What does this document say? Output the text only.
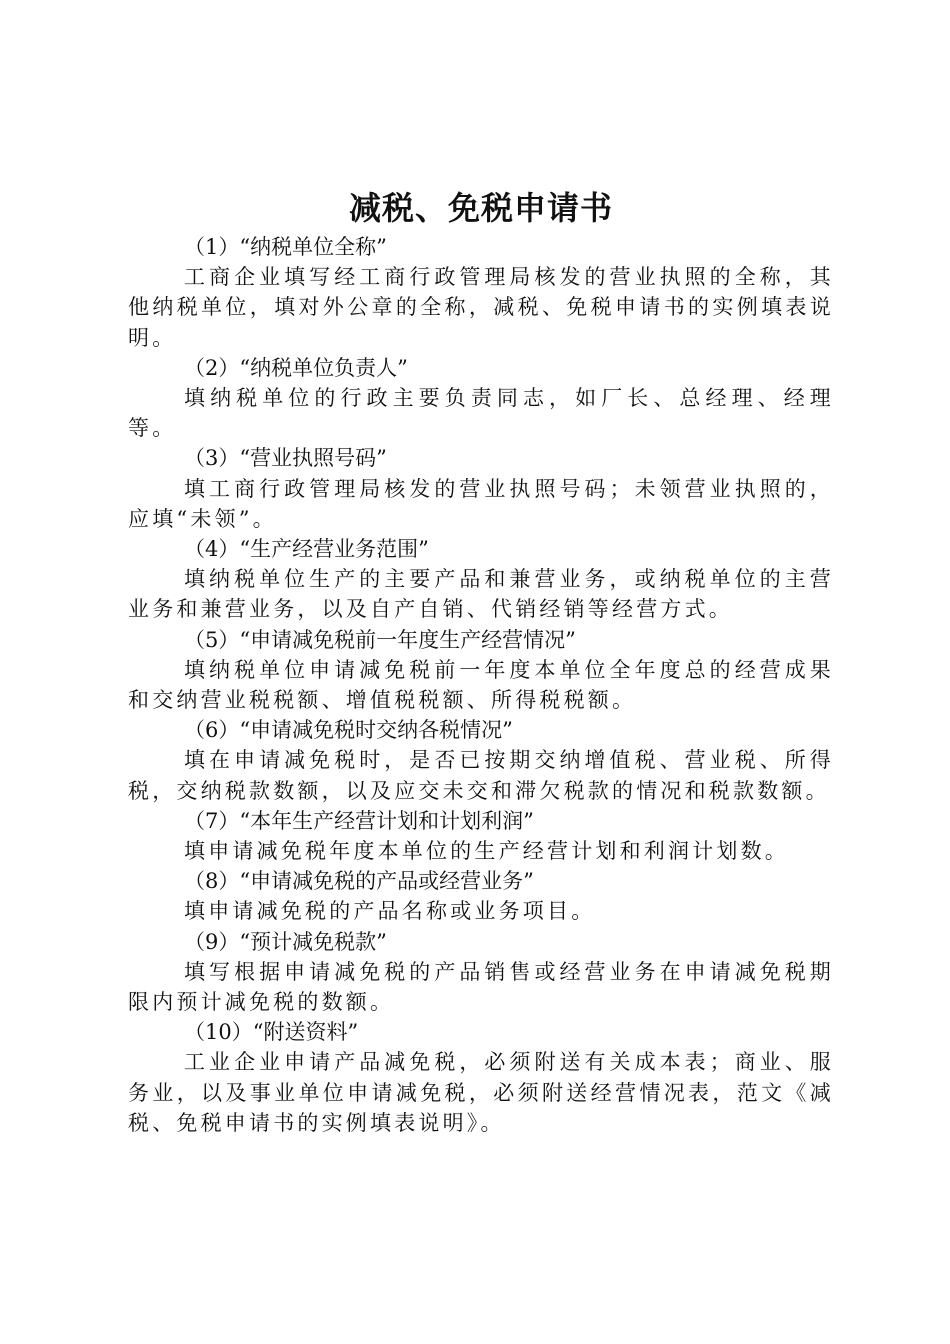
减税、免税申请书

（1）“纳税单位全称”

工商企业填写经工商行政管理局核发的营业执照的全称，其他纳税单位，填对外公章的全称，减税、免税申请书的实例填表说明。

（2）“纳税单位负责人”

填纳税单位的行政主要负责同志，如厂长、总经理、经理等。

（3）“营业执照号码”

填工商行政管理局核发的营业执照号码；未领营业执照的，应填“未领”。

（4）“生产经营业务范围”

填纳税单位生产的主要产品和兼营业务，或纳税单位的主营业务和兼营业务，以及自产自销、代销经销等经营方式。

（5）“申请减免税前一年度生产经营情况”

填纳税单位申请减免税前一年度本单位全年度总的经营成果和交纳营业税税额、增值税税额、所得税税额。

（6）“申请减免税时交纳各税情况”

填在申请减免税时，是否已按期交纳增值税、营业税、所得税，交纳税款数额，以及应交未交和滞欠税款的情况和税款数额。

（7）“本年生产经营计划和计划利润”

填申请减免税年度本单位的生产经营计划和利润计划数。

（8）“申请减免税的产品或经营业务”

填申请减免税的产品名称或业务项目。

（9）“预计减免税款”

填写根据申请减免税的产品销售或经营业务在申请减免税期限内预计减免税的数额。

（10）“附送资料”

工业企业申请产品减免税，必须附送有关成本表；商业、服务业，以及事业单位申请减免税，必须附送经营情况表，范文《减税、免税申请书的实例填表说明》。
